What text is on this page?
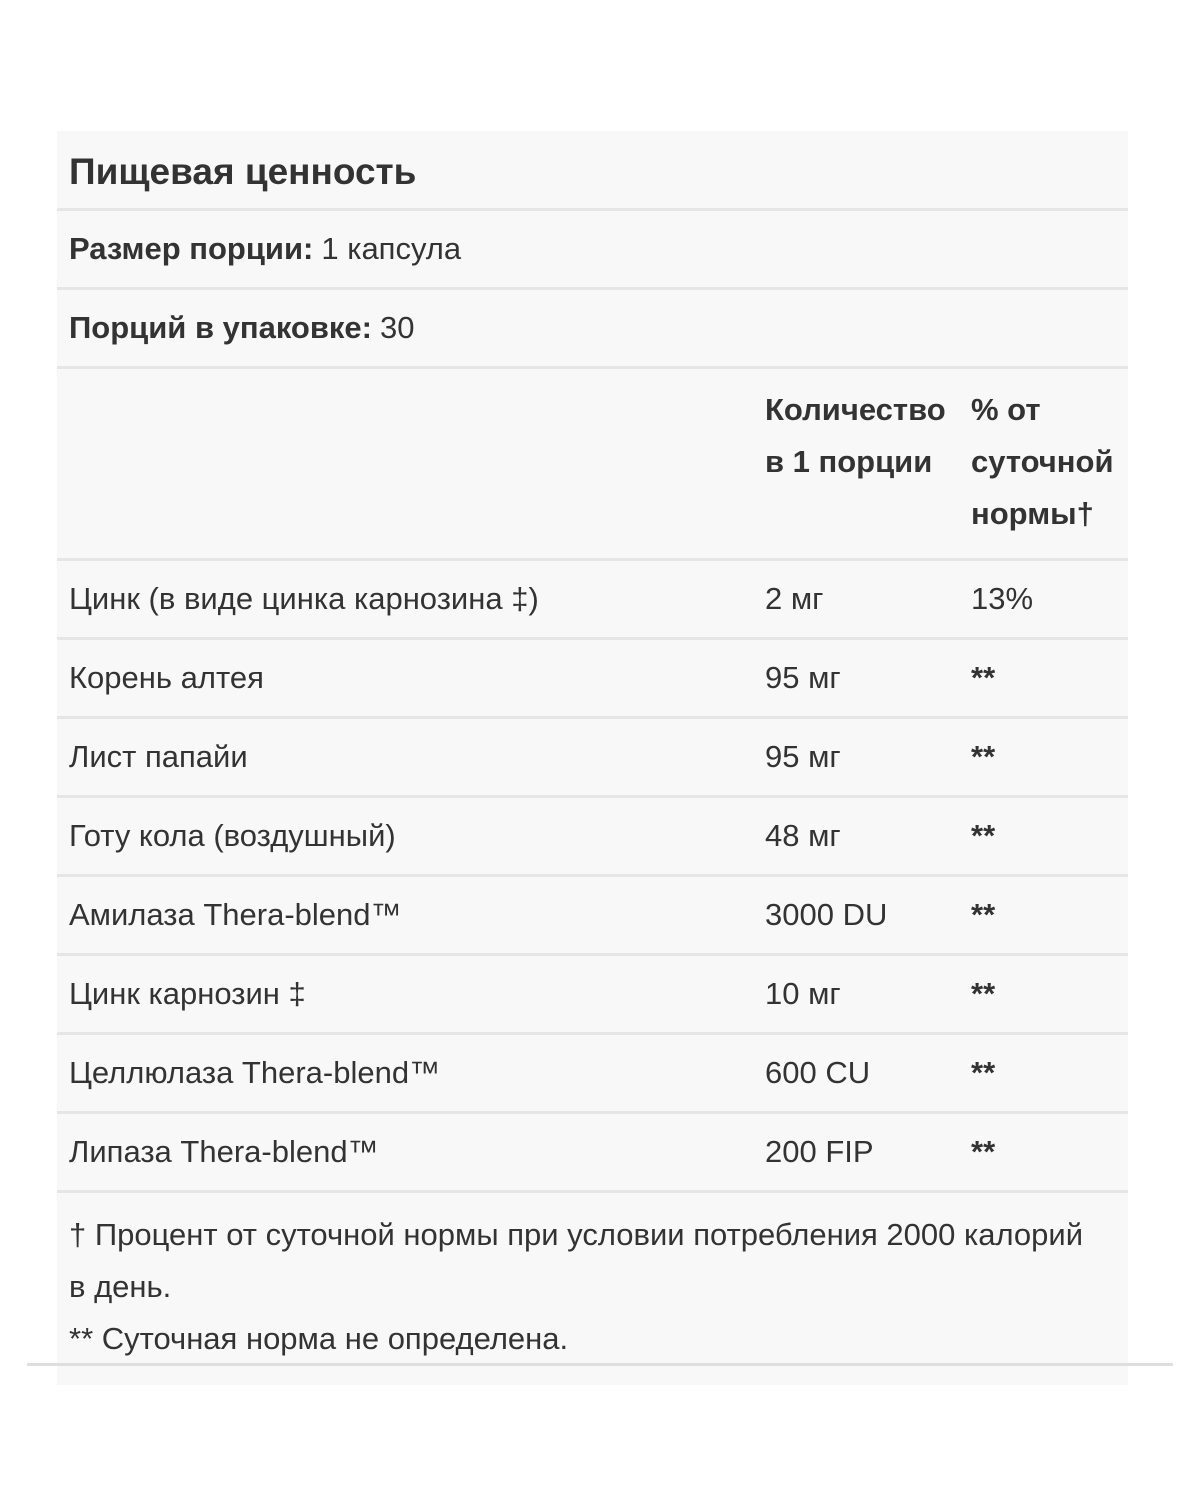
Пищевая ценность
Размер порции: 1 капсула
Порций в упаковке: 30
	Количество в 1 порции	% от суточной нормы†
Цинк (в виде цинка карнозина ‡)	2 мг	13%
Корень алтея	95 мг	**
Лист папайи	95 мг	**
Готу кола (воздушный)	48 мг	**
Амилаза Thera-blend™	3000 DU	**
Цинк карнозин ‡	10 мг	**
Целлюлаза Thera-blend™	600 CU	**
Липаза Thera-blend™	200 FIP	**

† Процент от суточной нормы при условии потребления 2000 калорий в день.

** Суточная норма не определена.
